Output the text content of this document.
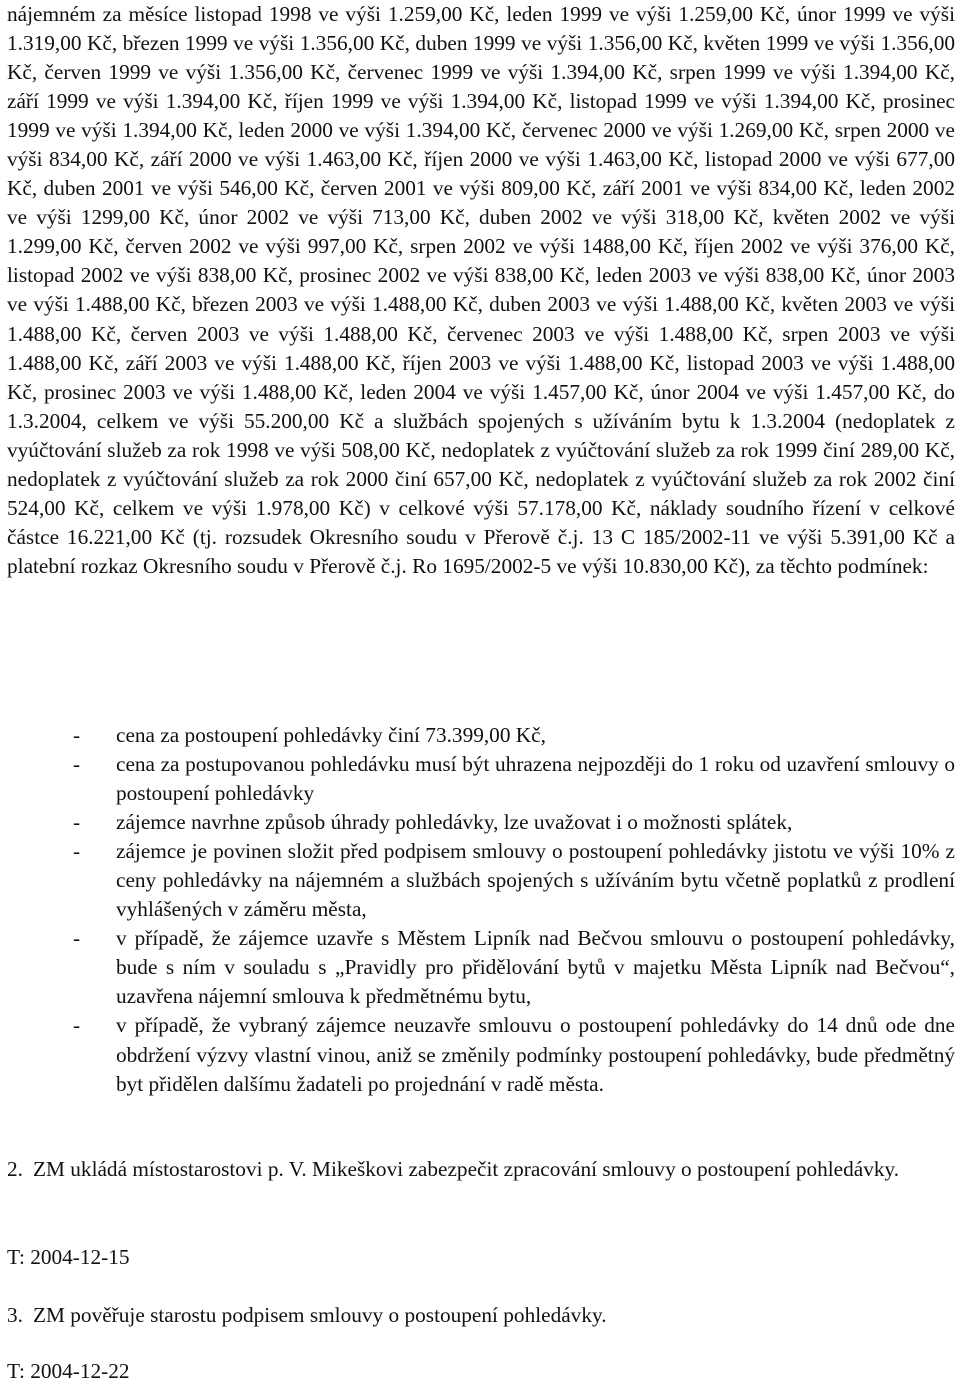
nájemném za měsíce listopad 1998 ve výši 1.259,00 Kč, leden 1999 ve výši 1.259,00 Kč, únor 1999 ve výši 1.319,00 Kč, březen 1999 ve výši 1.356,00 Kč, duben 1999 ve výši 1.356,00 Kč, květen 1999 ve výši 1.356,00 Kč, červen 1999 ve výši 1.356,00 Kč, červenec 1999 ve výši 1.394,00 Kč, srpen 1999 ve výši 1.394,00 Kč, září 1999 ve výši 1.394,00 Kč, říjen 1999 ve výši 1.394,00 Kč, listopad 1999 ve výši 1.394,00 Kč, prosinec 1999 ve výši 1.394,00 Kč, leden 2000 ve výši 1.394,00 Kč, červenec 2000 ve výši 1.269,00 Kč, srpen 2000 ve výši 834,00 Kč, září 2000 ve výši 1.463,00 Kč, říjen 2000 ve výši 1.463,00 Kč, listopad 2000 ve výši 677,00 Kč, duben 2001 ve výši 546,00 Kč, červen 2001 ve výši 809,00 Kč, září 2001 ve výši 834,00 Kč, leden 2002 ve výši 1299,00 Kč, únor 2002 ve výši 713,00 Kč, duben 2002 ve výši 318,00 Kč, květen 2002 ve výši 1.299,00 Kč, červen 2002 ve výši 997,00 Kč, srpen 2002 ve výši 1488,00 Kč, říjen 2002 ve výši 376,00 Kč, listopad 2002 ve výši 838,00 Kč, prosinec 2002 ve výši 838,00 Kč, leden 2003 ve výši 838,00 Kč, únor 2003 ve výši 1.488,00 Kč, březen 2003 ve výši 1.488,00 Kč, duben 2003 ve výši 1.488,00 Kč, květen 2003 ve výši 1.488,00 Kč, červen 2003 ve výši 1.488,00 Kč, červenec 2003 ve výši 1.488,00 Kč, srpen 2003 ve výši 1.488,00 Kč, září 2003 ve výši 1.488,00 Kč, říjen 2003 ve výši 1.488,00 Kč, listopad 2003 ve výši 1.488,00 Kč, prosinec 2003 ve výši 1.488,00 Kč, leden 2004 ve výši 1.457,00 Kč, únor 2004 ve výši 1.457,00 Kč, do 1.3.2004, celkem ve výši 55.200,00 Kč a službách spojených s užíváním bytu k 1.3.2004 (nedoplatek z vyúčtování služeb za rok 1998 ve výši 508,00 Kč, nedoplatek z vyúčtování služeb za rok 1999 činí 289,00 Kč, nedoplatek z vyúčtování služeb za rok 2000 činí 657,00 Kč, nedoplatek z vyúčtování služeb za rok 2002 činí 524,00 Kč, celkem ve výši 1.978,00 Kč) v celkové výši 57.178,00 Kč, náklady soudního řízení v celkové částce 16.221,00 Kč (tj. rozsudek Okresního soudu v Přerově č.j. 13 C 185/2002-11 ve výši 5.391,00 Kč a platební rozkaz Okresního soudu v Přerově č.j. Ro 1695/2002-5 ve výši 10.830,00 Kč), za těchto podmínek:

- cena za postoupení pohledávky činí 73.399,00 Kč,
- cena za postupovanou pohledávku musí být uhrazena nejpozději do 1 roku od uzavření smlouvy o postoupení pohledávky
- zájemce navrhne způsob úhrady pohledávky, lze uvažovat i o možnosti splátek,
- zájemce je povinen složit před podpisem smlouvy o postoupení pohledávky jistotu ve výši 10% z ceny pohledávky na nájemném a službách spojených s užíváním bytu včetně poplatků z prodlení vyhlášených v záměru města,
- v případě, že zájemce uzavře s Městem Lipník nad Bečvou smlouvu o postoupení pohledávky, bude s ním v souladu s „Pravidly pro přidělování bytů v majetku Města Lipník nad Bečvou“, uzavřena nájemní smlouva k předmětnému bytu,
- v případě, že vybraný zájemce neuzavře smlouvu o postoupení pohledávky do 14 dnů ode dne obdržení výzvy vlastní vinou, aniž se změnily podmínky postoupení pohledávky, bude předmětný byt přidělen dalšímu žadateli po projednání v radě města.
2. ZM ukládá místostarostovi p. V. Mikeškovi zabezpečit zpracování smlouvy o postoupení pohledávky.

T: 2004-12-15

3. ZM pověřuje starostu podpisem smlouvy o postoupení pohledávky.

T: 2004-12-22
